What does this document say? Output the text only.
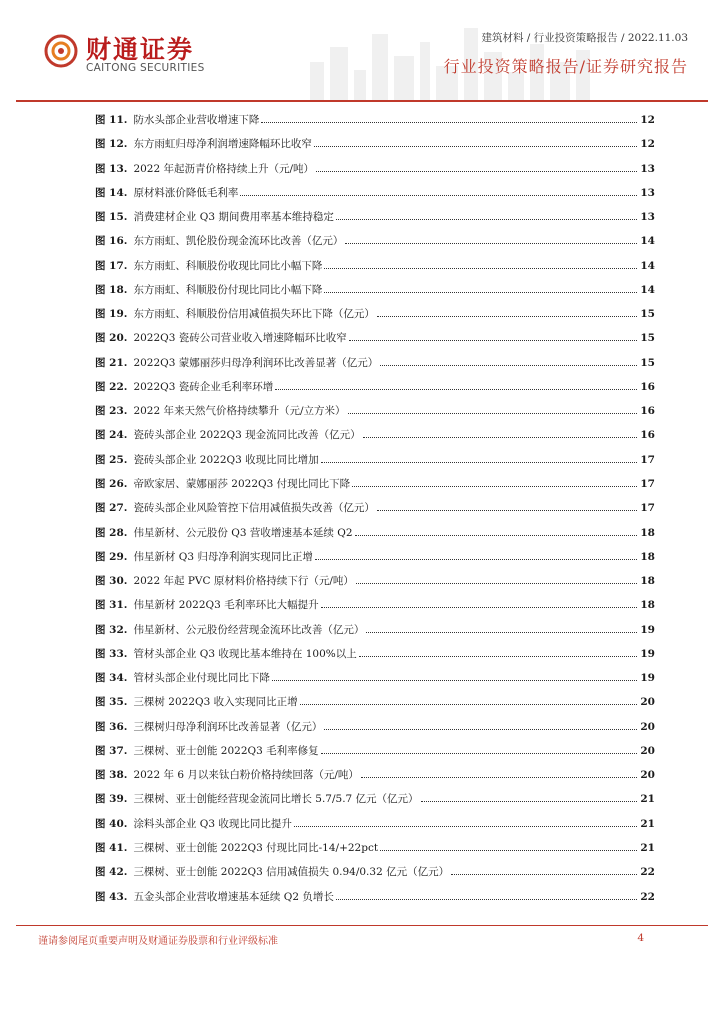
财通证券
CAITONG SECURITIES
建筑材料 / 行业投资策略报告 / 2022.11.03
行业投资策略报告/证券研究报告
图 11. 防水头部企业营收增速下降	12
图 12. 东方雨虹归母净利润增速降幅环比收窄	12
图 13. 2022 年起沥青价格持续上升（元/吨）	13
图 14. 原材料涨价降低毛利率	13
图 15. 消费建材企业 Q3 期间费用率基本维持稳定	13
图 16. 东方雨虹、凯伦股份现金流环比改善（亿元）	14
图 17. 东方雨虹、科顺股份收现比同比小幅下降	14
图 18. 东方雨虹、科顺股份付现比同比小幅下降	14
图 19. 东方雨虹、科顺股份信用减值损失环比下降（亿元）	15
图 20. 2022Q3 瓷砖公司营业收入增速降幅环比收窄	15
图 21. 2022Q3 蒙娜丽莎归母净利润环比改善显著（亿元）	15
图 22. 2022Q3 瓷砖企业毛利率环增	16
图 23. 2022 年来天然气价格持续攀升（元/立方米）	16
图 24. 瓷砖头部企业 2022Q3 现金流同比改善（亿元）	16
图 25. 瓷砖头部企业 2022Q3 收现比同比增加	17
图 26. 帝欧家居、蒙娜丽莎 2022Q3 付现比同比下降	17
图 27. 瓷砖头部企业风险管控下信用减值损失改善（亿元）	17
图 28. 伟星新材、公元股份 Q3 营收增速基本延续 Q2	18
图 29. 伟星新材 Q3 归母净利润实现同比正增	18
图 30. 2022 年起 PVC 原材料价格持续下行（元/吨）	18
图 31. 伟星新材 2022Q3 毛利率环比大幅提升	18
图 32. 伟星新材、公元股份经营现金流环比改善（亿元）	19
图 33. 管材头部企业 Q3 收现比基本维持在 100%以上	19
图 34. 管材头部企业付现比同比下降	19
图 35. 三棵树 2022Q3 收入实现同比正增	20
图 36. 三棵树归母净利润环比改善显著（亿元）	20
图 37. 三棵树、亚士创能 2022Q3 毛利率修复	20
图 38. 2022 年 6 月以来钛白粉价格持续回落（元/吨）	20
图 39. 三棵树、亚士创能经营现金流同比增长 5.7/5.7 亿元（亿元）	21
图 40. 涂料头部企业 Q3 收现比同比提升	21
图 41. 三棵树、亚士创能 2022Q3 付现比同比-14/+22pct	21
图 42. 三棵树、亚士创能 2022Q3 信用减值损失 0.94/0.32 亿元（亿元）	22
图 43. 五金头部企业营收增速基本延续 Q2 负增长	22
谨请参阅尾页重要声明及财通证券股票和行业评级标准	4
